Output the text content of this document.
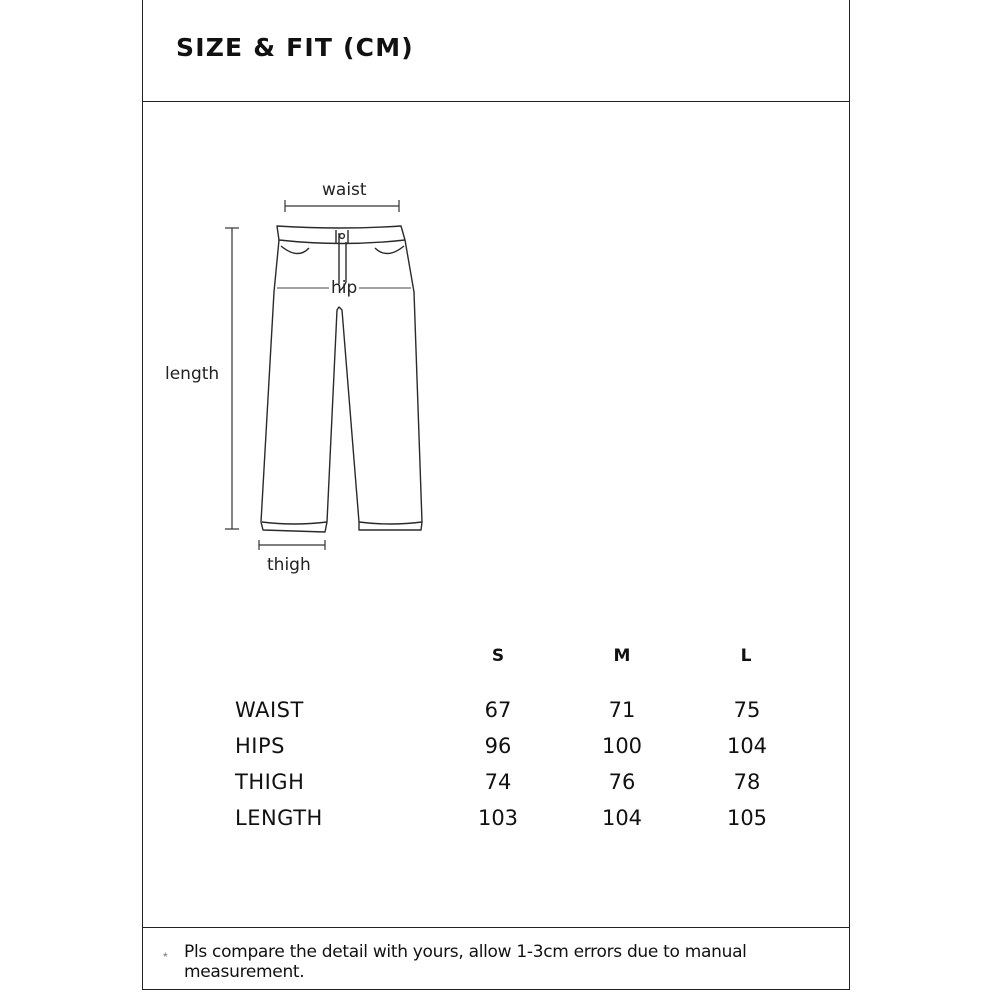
SIZE & FIT (CM)
waist
hip
length
thigh
S	M	L
WAIST	67	71	75
HIPS	96	100	104
THIGH	74	76	78
LENGTH	103	104	105
* Pls compare the detail with yours, allow 1-3cm errors due to manual measurement.
